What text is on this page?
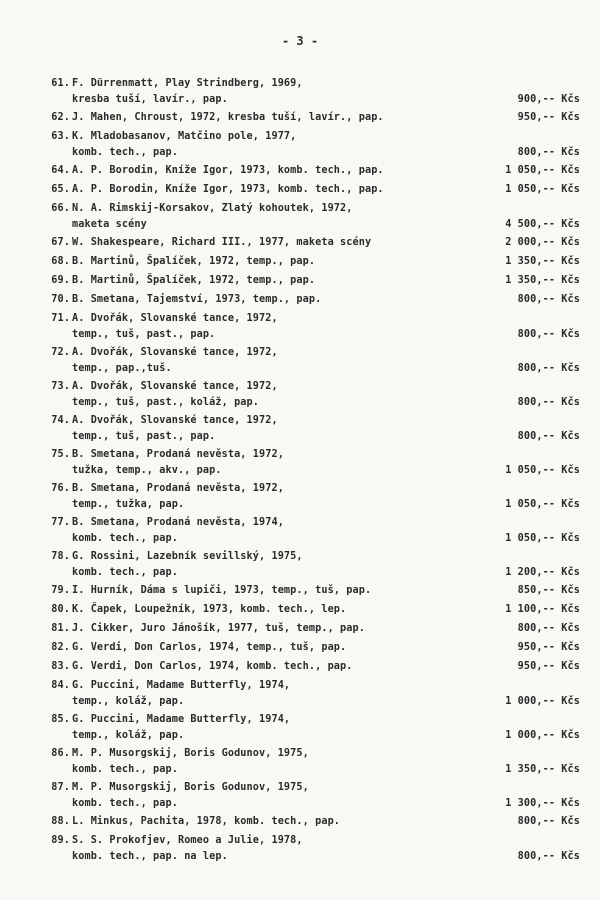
- 3 -
61. F. Dürrenmatt, Play Strindberg, 1969,
kresba tuší, lavír., pap.	900,-- Kčs
62. J. Mahen, Chroust, 1972, kresba tuší, lavír., pap.	950,-- Kčs
63. K. Mladobasanov, Matčino pole, 1977,
komb. tech., pap.	800,-- Kčs
64. A. P. Borodin, Kníže Igor, 1973, komb. tech., pap.	1 050,-- Kčs
65. A. P. Borodin, Kníže Igor, 1973, komb. tech., pap.	1 050,-- Kčs
66. N. A. Rimskij-Korsakov, Zlatý kohoutek, 1972,
maketa scény	4 500,-- Kčs
67. W. Shakespeare, Richard III., 1977, maketa scény	2 000,-- Kčs
68. B. Martinů, Špalíček, 1972, temp., pap.	1 350,-- Kčs
69. B. Martinů, Špalíček, 1972, temp., pap.	1 350,-- Kčs
70. B. Smetana, Tajemství, 1973, temp., pap.	800,-- Kčs
71. A. Dvořák, Slovanské tance, 1972,
temp., tuš, past., pap.	800,-- Kčs
72. A. Dvořák, Slovanské tance, 1972,
temp., pap.,tuš.	800,-- Kčs
73. A. Dvořák, Slovanské tance, 1972,
temp., tuš, past., koláž, pap.	800,-- Kčs
74. A. Dvořák, Slovanské tance, 1972,
temp., tuš, past., pap.	800,-- Kčs
75. B. Smetana, Prodaná nevěsta, 1972,
tužka, temp., akv., pap.	1 050,-- Kčs
76. B. Smetana, Prodaná nevěsta, 1972,
temp., tužka, pap.	1 050,-- Kčs
77. B. Smetana, Prodaná nevěsta, 1974,
komb. tech., pap.	1 050,-- Kčs
78. G. Rossini, Lazebník sevillský, 1975,
komb. tech., pap.	1 200,-- Kčs
79. I. Hurník, Dáma s lupiči, 1973, temp., tuš, pap.	850,-- Kčs
80. K. Čapek, Loupežník, 1973, komb. tech., lep.	1 100,-- Kčs
81. J. Cikker, Juro Jánošík, 1977, tuš, temp., pap.	800,-- Kčs
82. G. Verdi, Don Carlos, 1974, temp., tuš, pap.	950,-- Kčs
83. G. Verdi, Don Carlos, 1974, komb. tech., pap.	950,-- Kčs
84. G. Puccini, Madame Butterfly, 1974,
temp., koláž, pap.	1 000,-- Kčs
85. G. Puccini, Madame Butterfly, 1974,
temp., koláž, pap.	1 000,-- Kčs
86. M. P. Musorgskij, Boris Godunov, 1975,
komb. tech., pap.	1 350,-- Kčs
87. M. P. Musorgskij, Boris Godunov, 1975,
komb. tech., pap.	1 300,-- Kčs
88. L. Minkus, Pachita, 1978, komb. tech., pap.	800,-- Kčs
89. S. S. Prokofjev, Romeo a Julie, 1978,
komb. tech., pap. na lep.	800,-- Kčs
